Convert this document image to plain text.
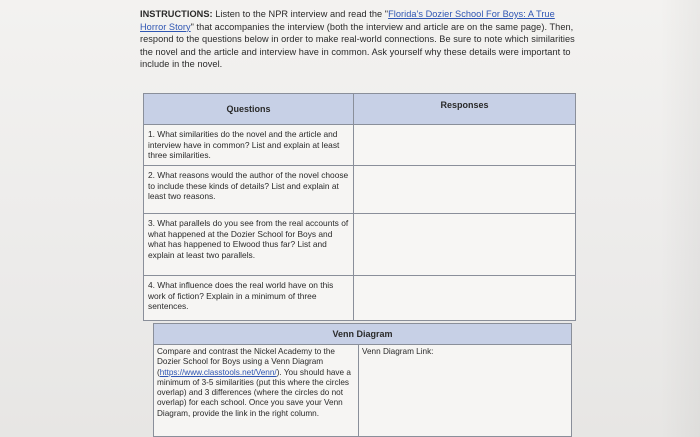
INSTRUCTIONS: Listen to the NPR interview and read the "Florida's Dozier School For Boys: A True Horror Story" that accompanies the interview (both the interview and article are on the same page). Then, respond to the questions below in order to make real-world connections. Be sure to note which similarities the novel and the article and interview have in common. Ask yourself why these details were important to include in the novel.
Questions	Responses
1. What similarities do the novel and the article and interview have in common? List and explain at least three similarities.	
2. What reasons would the author of the novel choose to include these kinds of details? List and explain at least two reasons.	
3. What parallels do you see from the real accounts of what happened at the Dozier School for Boys and what has happened to Elwood thus far? List and explain at least two parallels.	
4. What influence does the real world have on this work of fiction? Explain in a minimum of three sentences.	
Venn Diagram
Compare and contrast the Nickel Academy to the Dozier School for Boys using a Venn Diagram (https://www.classtools.net/Venn/). You should have a minimum of 3-5 similarities (put this where the circles overlap) and 3 differences (where the circles do not overlap) for each school. Once you save your Venn Diagram, provide the link in the right column.	Venn Diagram Link:
